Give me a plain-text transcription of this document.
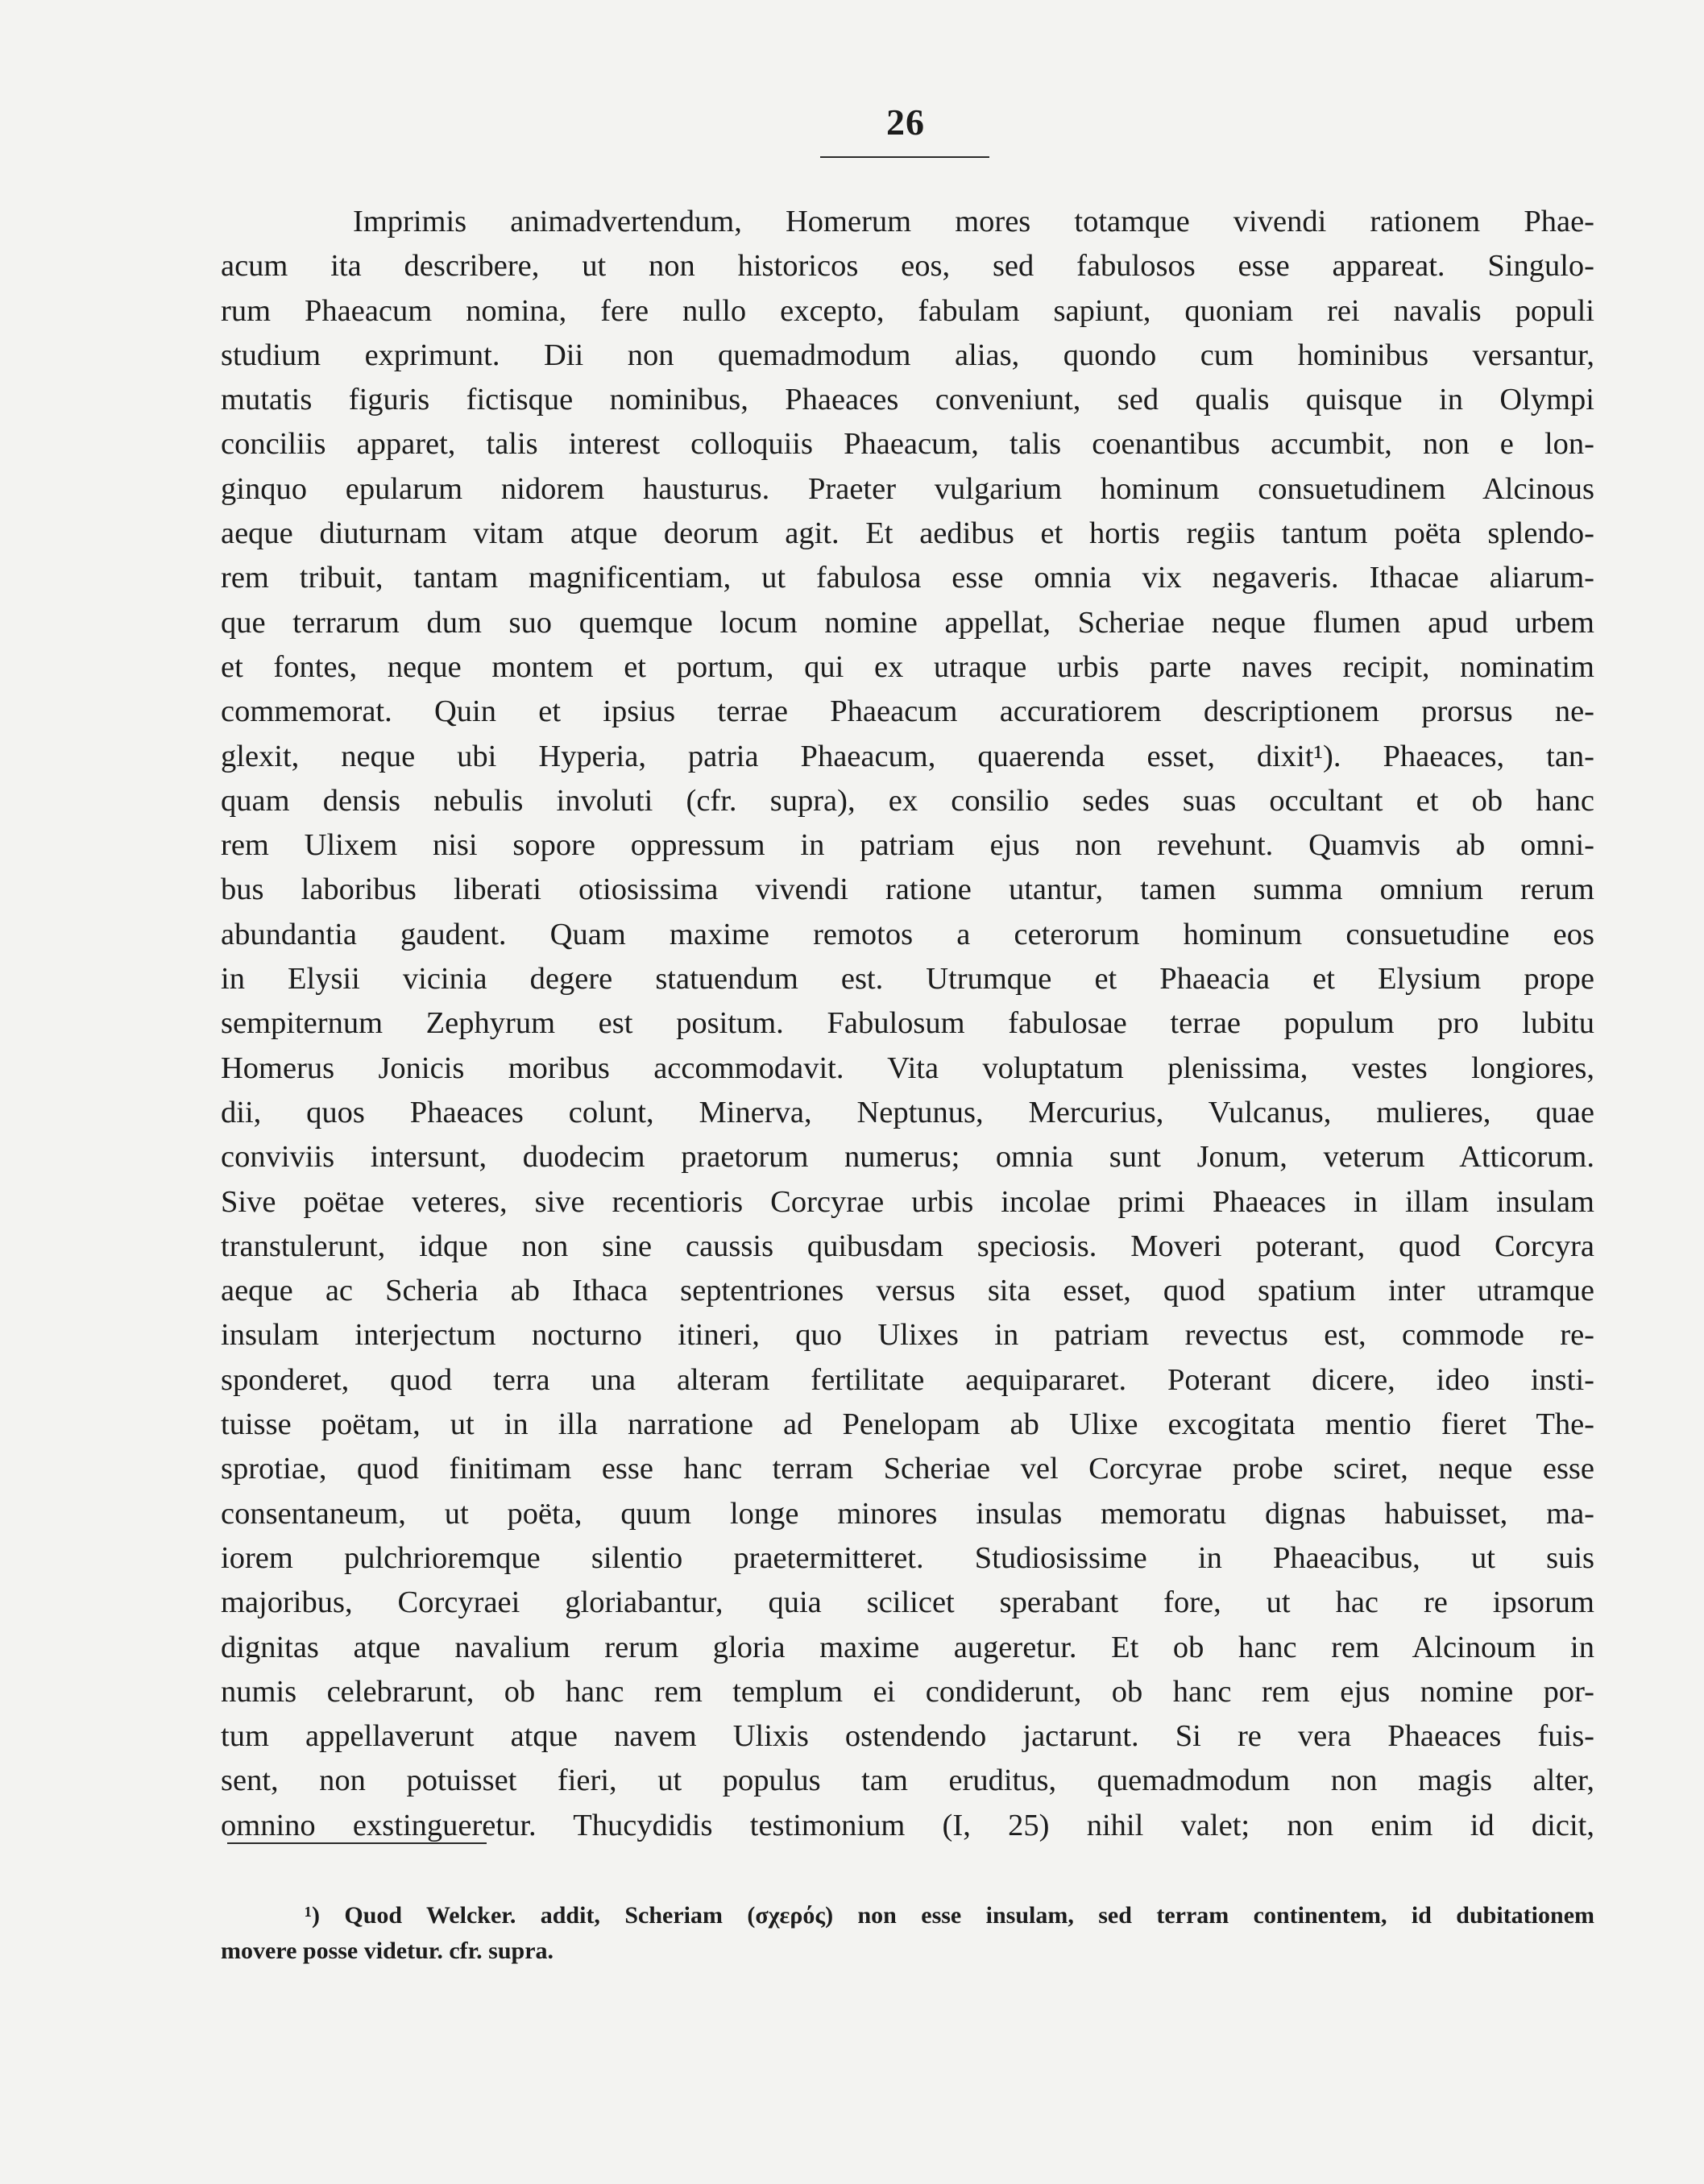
26
Imprimis animadvertendum, Homerum mores totamque vivendi rationem Phae-
acum ita describere, ut non historicos eos, sed fabulosos esse appareat. Singulo-
rum Phaeacum nomina, fere nullo excepto, fabulam sapiunt, quoniam rei navalis populi
studium exprimunt. Dii non quemadmodum alias, quondo cum hominibus versantur,
mutatis figuris fictisque nominibus, Phaeaces conveniunt, sed qualis quisque in Olympi
conciliis apparet, talis interest colloquiis Phaeacum, talis coenantibus accumbit, non e lon-
ginquo epularum nidorem hausturus. Praeter vulgarium hominum consuetudinem Alcinous
aeque diuturnam vitam atque deorum agit. Et aedibus et hortis regiis tantum poëta splendo-
rem tribuit, tantam magnificentiam, ut fabulosa esse omnia vix negaveris. Ithacae aliarum-
que terrarum dum suo quemque locum nomine appellat, Scheriae neque flumen apud urbem
et fontes, neque montem et portum, qui ex utraque urbis parte naves recipit, nominatim
commemorat. Quin et ipsius terrae Phaeacum accuratiorem descriptionem prorsus ne-
glexit, neque ubi Hyperia, patria Phaeacum, quaerenda esset, dixit¹). Phaeaces, tan-
quam densis nebulis involuti (cfr. supra), ex consilio sedes suas occultant et ob hanc
rem Ulixem nisi sopore oppressum in patriam ejus non revehunt. Quamvis ab omni-
bus laboribus liberati otiosissima vivendi ratione utantur, tamen summa omnium rerum
abundantia gaudent. Quam maxime remotos a ceterorum hominum consuetudine eos
in Elysii vicinia degere statuendum est. Utrumque et Phaeacia et Elysium prope
sempiternum Zephyrum est positum. Fabulosum fabulosae terrae populum pro lubitu
Homerus Jonicis moribus accommodavit. Vita voluptatum plenissima, vestes longiores,
dii, quos Phaeaces colunt, Minerva, Neptunus, Mercurius, Vulcanus, mulieres, quae
conviviis intersunt, duodecim praetorum numerus; omnia sunt Jonum, veterum Atticorum.
Sive poëtae veteres, sive recentioris Corcyrae urbis incolae primi Phaeaces in illam insulam
transtulerunt, idque non sine caussis quibusdam speciosis. Moveri poterant, quod Corcyra
aeque ac Scheria ab Ithaca septentriones versus sita esset, quod spatium inter utramque
insulam interjectum nocturno itineri, quo Ulixes in patriam revectus est, commode re-
sponderet, quod terra una alteram fertilitate aequipararet. Poterant dicere, ideo insti-
tuisse poëtam, ut in illa narratione ad Penelopam ab Ulixe excogitata mentio fieret The-
sprotiae, quod finitimam esse hanc terram Scheriae vel Corcyrae probe sciret, neque esse
consentaneum, ut poëta, quum longe minores insulas memoratu dignas habuisset, ma-
iorem pulchrioremque silentio praetermitteret. Studiosissime in Phaeacibus, ut suis
majoribus, Corcyraei gloriabantur, quia scilicet sperabant fore, ut hac re ipsorum
dignitas atque navalium rerum gloria maxime augeretur. Et ob hanc rem Alcinoum in
numis celebrarunt, ob hanc rem templum ei condiderunt, ob hanc rem ejus nomine por-
tum appellaverunt atque navem Ulixis ostendendo jactarunt. Si re vera Phaeaces fuis-
sent, non potuisset fieri, ut populus tam eruditus, quemadmodum non magis alter,
omnino exstingueretur. Thucydidis testimonium (I, 25) nihil valet; non enim id dicit,
¹) Quod Welcker. addit, Scheriam (σχερός) non esse insulam, sed terram continentem, id dubitationem
movere posse videtur. cfr. supra.
